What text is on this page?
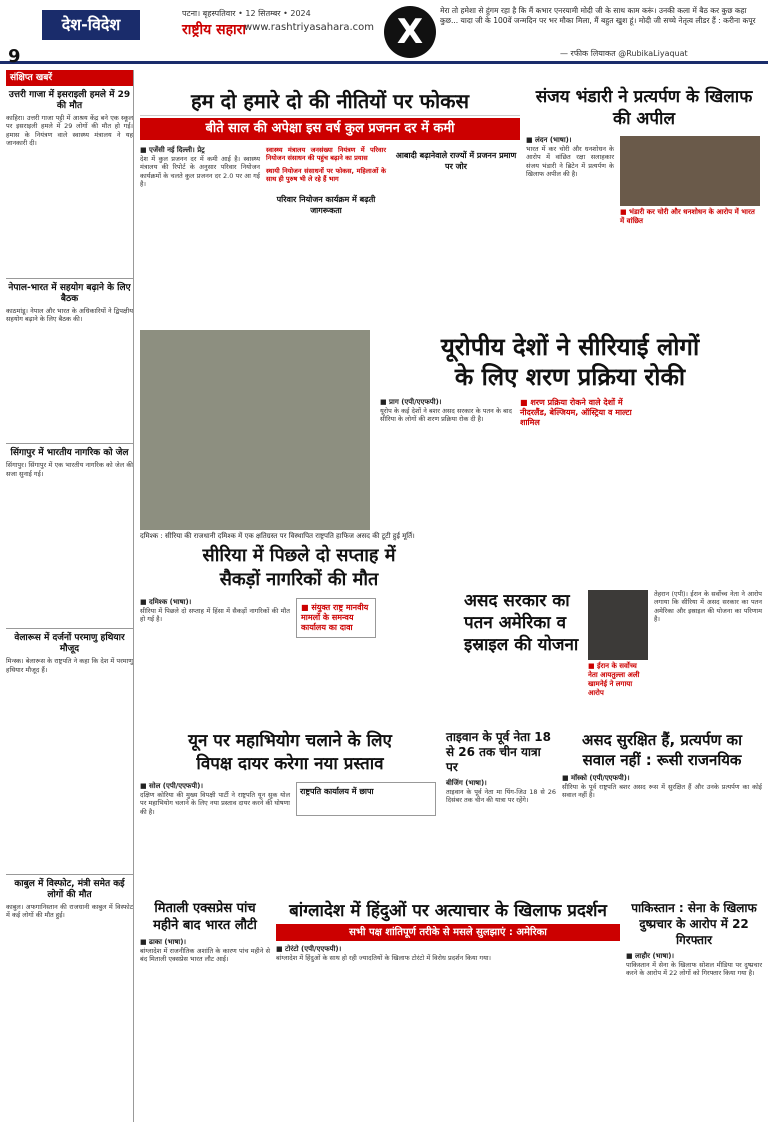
देश-विदेश
9
पटना। बृहस्पतिवार • 12 सितम्बर • 2024
राष्ट्रीय सहारा
www.rashtriyasahara.com X
मेरा तो हमेशा से हुंगम रहा है कि मैं कभार एनरयामी मोदी जी के साथ काम करूं। उनकी कला में बैठ कर कुछ कहा कुछ... यादा जी के 100वें जन्मदिन पर भर मौका मिला, मैं बहुत खुश हूं। मोदी जी सच्चे नेतृत्व लीडर हैं : करीना कपूर
— रफीक लियाकत @RubikaLiyaquat
संक्षिप्त खबरें
उत्तरी गाजा में इसराइली हमले में 29 की मौत
काहिरा। उत्तरी गाजा पट्टी में आश्रय केंद्र बने एक स्कूल पर इसराइली हमले में 29 लोगों की मौत हो गई। हमास के नियंत्रण वाले स्वास्थ्य मंत्रालय ने यह जानकारी दी।
नेपाल-भारत में सहयोग बढ़ाने के लिए बैठक
काठमांडू। नेपाल और भारत के अधिकारियों ने द्विपक्षीय सहयोग बढ़ाने के लिए बैठक की।
सिंगापुर में भारतीय नागरिक को जेल
सिंगापुर। सिंगापुर में एक भारतीय नागरिक को जेल की सजा सुनाई गई।
वेलारूस में दर्जनों परमाणु हथियार मौजूद
मिन्स्क। बेलारूस के राष्ट्रपति ने कहा कि देश में परमाणु हथियार मौजूद हैं।
काबुल में विस्फोट, मंत्री समेत कई लोगों की मौत
काबुल। अफगानिस्तान की राजधानी काबुल में विस्फोट में कई लोगों की मौत हुई।
हम दो हमारे दो की नीतियों पर फोकस
बीते साल की अपेक्षा इस वर्ष कुल प्रजनन दर में कमी
■ एजेंसी नई दिल्ली। प्रेट्र
देश में कुल प्रजनन दर में कमी आई है। स्वास्थ्य मंत्रालय की रिपोर्ट के अनुसार परिवार नियोजन कार्यक्रमों के चलते कुल प्रजनन दर 2.0 पर आ गई है।
स्वास्थ्य मंत्रालय जनसंख्या नियंत्रण में परिवार नियोजन संसाधन की पहुंच बढ़ाने का प्रयास
स्थायी नियोजन संसाधनों पर फोकस, महिलाओं के साथ ही पुरुष भी ले रहे हैं भाग
परिवार नियोजन कार्यक्रम में बढ़ती जागरूकता
आबादी बढ़ानेवाले राज्यों में प्रजनन प्रमाण पर जोर
संजय भंडारी ने प्रत्यर्पण के खिलाफ की अपील
■ लंदन (भाषा)।
भारत में कर चोरी और धनशोधन के आरोप में वांछित रक्षा सलाहकार संजय भंडारी ने ब्रिटेन में प्रत्यर्पण के खिलाफ अपील की है।
■ भंडारी कर चोरी और धनशोधन के आरोप में भारत में वांछित
यूरोपीय देशों ने सीरियाई लोगों
के लिए शरण प्रक्रिया रोकी
■ प्राग (एपी/एएफपी)।
यूरोप के कई देशों ने बशर असद सरकार के पतन के बाद सीरिया के लोगों की शरण प्रक्रिया रोक दी है।
■ शरण प्रक्रिया रोकने वाले देशों में नीदरलैंड, बेल्जियम, ऑस्ट्रिया व माल्टा शामिल
दमिश्क : सीरिया की राजधानी दमिश्क में एक क्षतिग्रस्त पर विस्थापित राष्ट्रपति हाफिज असद की टूटी हुई मूर्ति।
सीरिया में पिछले दो सप्ताह में
सैकड़ों नागरिकों की मौत
■ दमिश्क (भाषा)।
सीरिया में पिछले दो सप्ताह में हिंसा में सैकड़ों नागरिकों की मौत हो गई है।
■ संयुक्त राष्ट्र मानवीय मामलों के समन्वय कार्यालय का दावा
असद सरकार का पतन अमेरिका व इस्राइल की योजना
■ ईरान के सर्वोच्च नेता आयतुल्ला अली खामनेई ने लगाया आरोप
तेहरान (एपी)। ईरान के सर्वोच्च नेता ने आरोप लगाया कि सीरिया में असद सरकार का पतन अमेरिका और इस्राइल की योजना का परिणाम है।
यून पर महाभियोग चलाने के लिए
विपक्ष दायर करेगा नया प्रस्ताव
■ सोल (एपी/एएफपी)।
दक्षिण कोरिया की मुख्य विपक्षी पार्टी ने राष्ट्रपति यून सुक योल पर महाभियोग चलाने के लिए नया प्रस्ताव दायर करने की घोषणा की है।
राष्ट्रपति कार्यालय में छापा
ताइवान के पूर्व नेता 18 से 26 तक चीन यात्रा पर
बीजिंग (भाषा)।
ताइवान के पूर्व नेता मा यिंग-जिउ 18 से 26 दिसंबर तक चीन की यात्रा पर रहेंगे।
असद सुरक्षित हैं, प्रत्यर्पण का
सवाल नहीं : रूसी राजनयिक
■ मॉस्को (एपी/एएफपी)।
सीरिया के पूर्व राष्ट्रपति बशर असद रूस में सुरक्षित हैं और उनके प्रत्यर्पण का कोई सवाल नहीं है।
मिताली एक्सप्रेस पांच महीने बाद भारत लौटी
■ ढाका (भाषा)।
बांग्लादेश में राजनीतिक अशांति के कारण पांच महीने से बंद मिताली एक्सप्रेस भारत लौट आई।
बांग्लादेश में हिंदुओं पर अत्याचार के खिलाफ प्रदर्शन
सभी पक्ष शांतिपूर्ण तरीके से मसले सुलझाएं : अमेरिका
■ टोरंटो (एपी/एएफपी)।
बांग्लादेश में हिंदुओं के साथ हो रही ज्यादतियों के खिलाफ टोरंटो में विरोध प्रदर्शन किया गया।
पाकिस्तान : सेना के खिलाफ दुष्प्रचार के आरोप में 22 गिरफ्तार
■ लाहौर (भाषा)।
पाकिस्तान में सेना के खिलाफ सोशल मीडिया पर दुष्प्रचार करने के आरोप में 22 लोगों को गिरफ्तार किया गया है।
